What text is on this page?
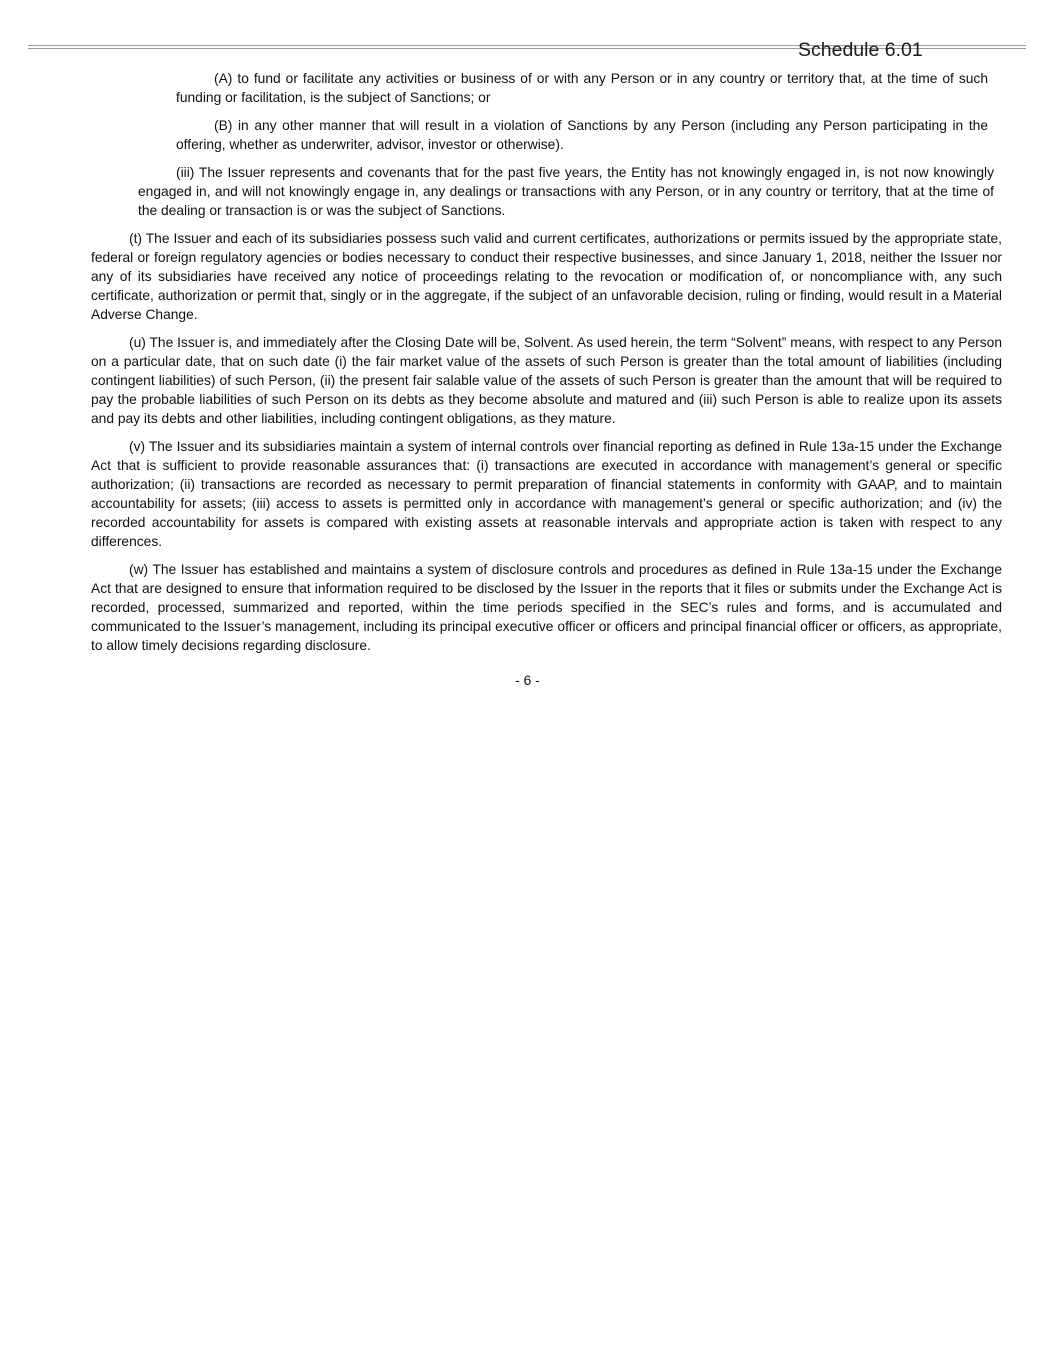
Schedule 6.01

(A) to fund or facilitate any activities or business of or with any Person or in any country or territory that, at the time of such funding or facilitation, is the subject of Sanctions; or

(B) in any other manner that will result in a violation of Sanctions by any Person (including any Person participating in the offering, whether as underwriter, advisor, investor or otherwise).

(iii) The Issuer represents and covenants that for the past five years, the Entity has not knowingly engaged in, is not now knowingly engaged in, and will not knowingly engage in, any dealings or transactions with any Person, or in any country or territory, that at the time of the dealing or transaction is or was the subject of Sanctions.

(t) The Issuer and each of its subsidiaries possess such valid and current certificates, authorizations or permits issued by the appropriate state, federal or foreign regulatory agencies or bodies necessary to conduct their respective businesses, and since January 1, 2018, neither the Issuer nor any of its subsidiaries have received any notice of proceedings relating to the revocation or modification of, or noncompliance with, any such certificate, authorization or permit that, singly or in the aggregate, if the subject of an unfavorable decision, ruling or finding, would result in a Material Adverse Change.

(u) The Issuer is, and immediately after the Closing Date will be, Solvent. As used herein, the term “Solvent” means, with respect to any Person on a particular date, that on such date (i) the fair market value of the assets of such Person is greater than the total amount of liabilities (including contingent liabilities) of such Person, (ii) the present fair salable value of the assets of such Person is greater than the amount that will be required to pay the probable liabilities of such Person on its debts as they become absolute and matured and (iii) such Person is able to realize upon its assets and pay its debts and other liabilities, including contingent obligations, as they mature.

(v) The Issuer and its subsidiaries maintain a system of internal controls over financial reporting as defined in Rule 13a-15 under the Exchange Act that is sufficient to provide reasonable assurances that: (i) transactions are executed in accordance with management’s general or specific authorization; (ii) transactions are recorded as necessary to permit preparation of financial statements in conformity with GAAP, and to maintain accountability for assets; (iii) access to assets is permitted only in accordance with management’s general or specific authorization; and (iv) the recorded accountability for assets is compared with existing assets at reasonable intervals and appropriate action is taken with respect to any differences.

(w) The Issuer has established and maintains a system of disclosure controls and procedures as defined in Rule 13a-15 under the Exchange Act that are designed to ensure that information required to be disclosed by the Issuer in the reports that it files or submits under the Exchange Act is recorded, processed, summarized and reported, within the time periods specified in the SEC’s rules and forms, and is accumulated and communicated to the Issuer’s management, including its principal executive officer or officers and principal financial officer or officers, as appropriate, to allow timely decisions regarding disclosure.

- 6 -
